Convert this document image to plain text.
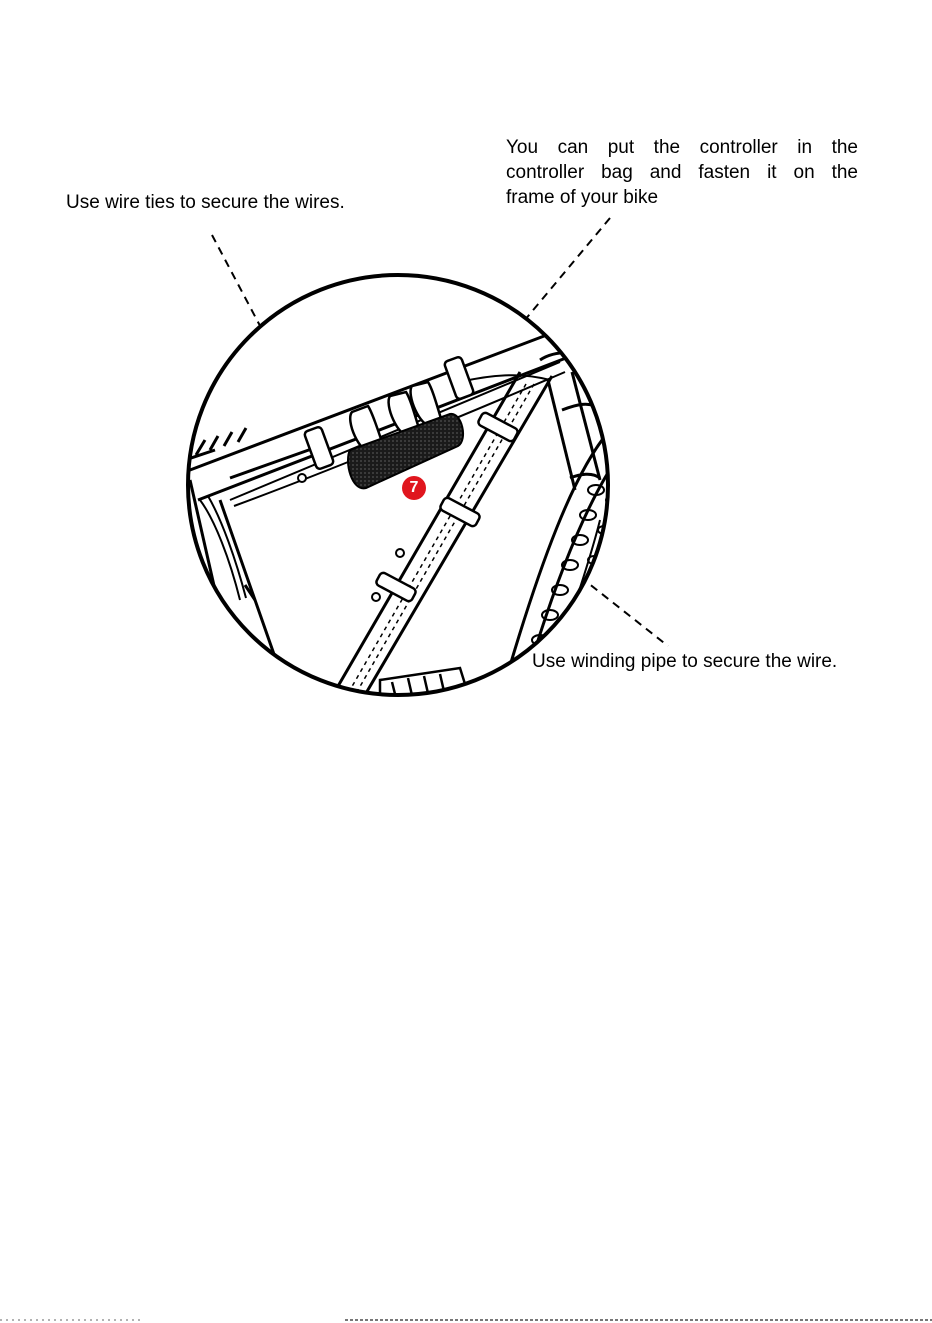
7
Use wire ties to secure the wires.
You can put the controller in the
controller bag and fasten it on the
frame of your bike
Use winding pipe to secure the wire.
